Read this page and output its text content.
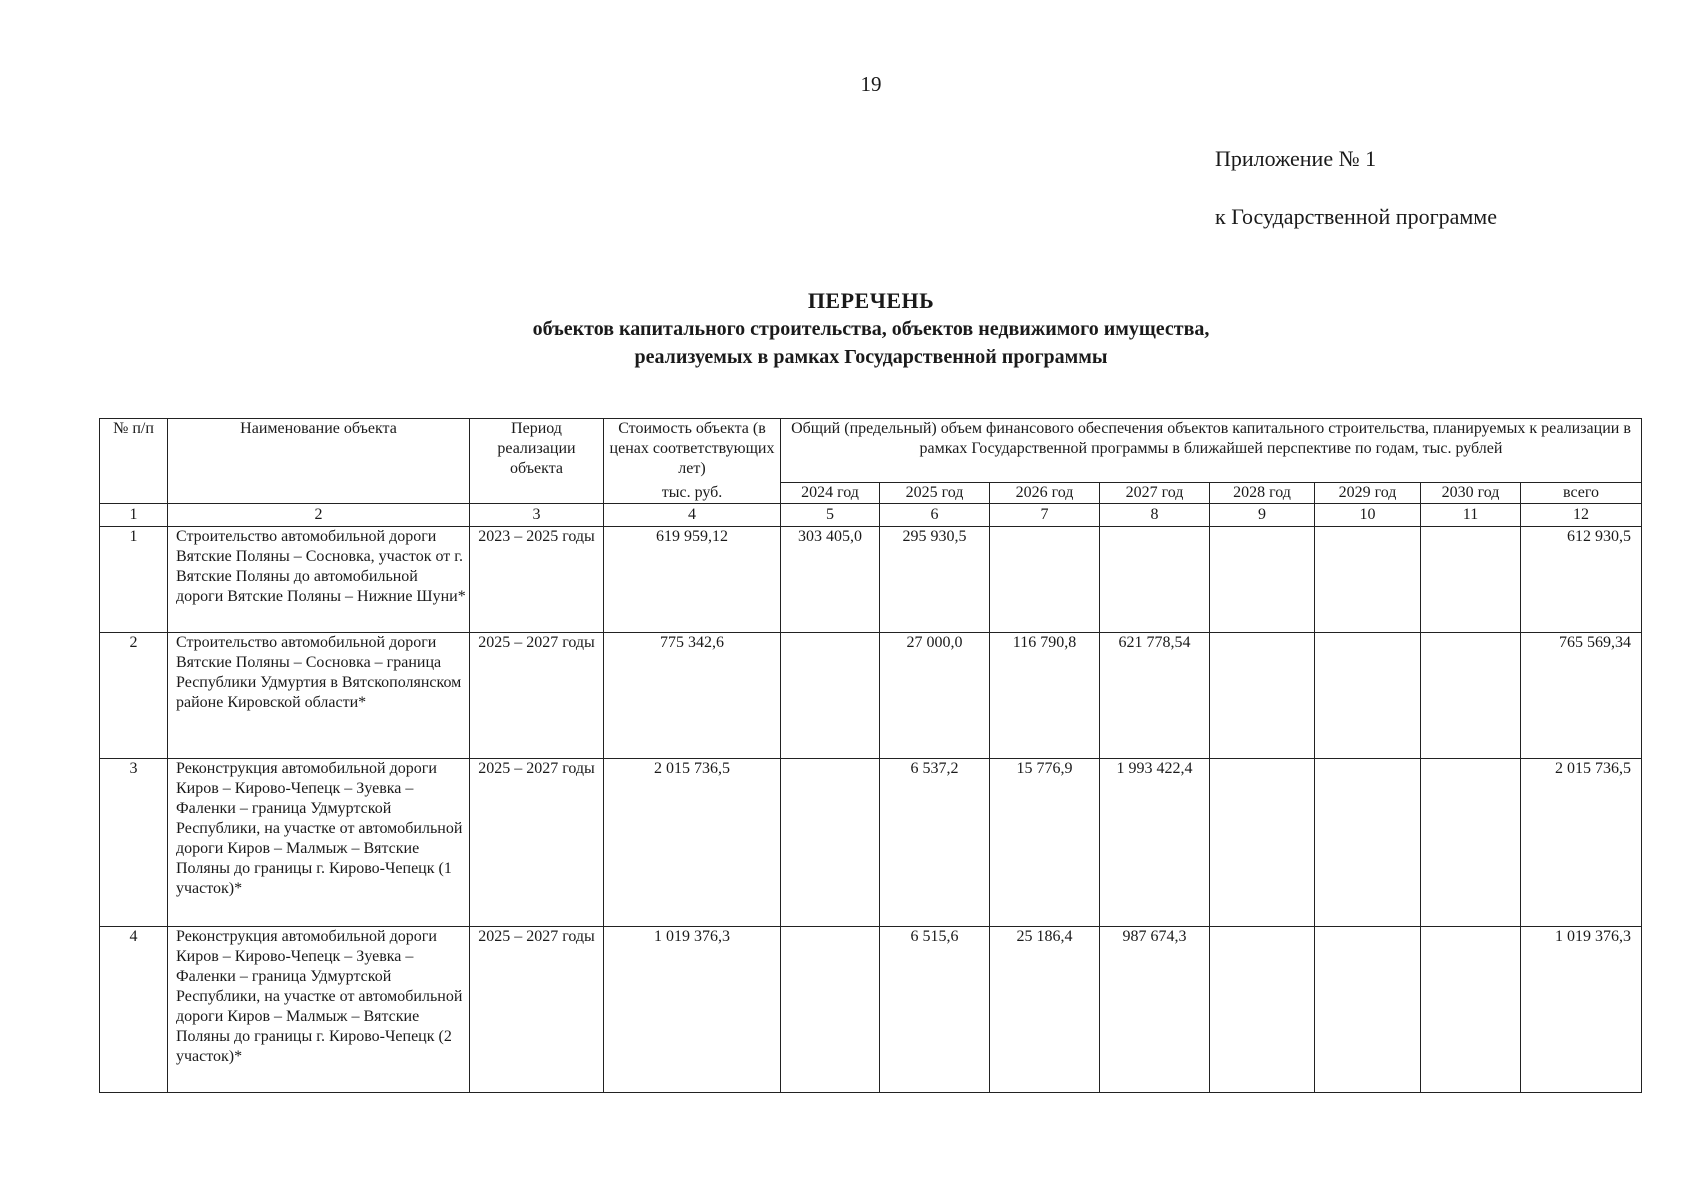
19
Приложение № 1
к Государственной программе
ПЕРЕЧЕНЬ
объектов капитального строительства, объектов недвижимого имущества,
реализуемых в рамках Государственной программы
№ п/п	Наименование объекта	Период реализации объекта	Стоимость объекта (в ценах соответствующих лет)	Общий (предельный) объем финансового обеспечения объектов капитального строительства, планируемых к реализации в рамках Государственной программы в ближайшей перспективе по годам, тыс. рублей							
			тыс. руб.	2024 год	2025 год	2026 год	2027 год	2028 год	2029 год	2030 год	всего
1	2	3	4	5	6	7	8	9	10	11	12
1	Строительство автомобильной дороги Вятские Поляны – Сосновка, участок от г. Вятские Поляны до автомобильной дороги Вятские Поляны – Нижние Шуни*	2023 – 2025 годы	619 959,12	303 405,0	295 930,5						612 930,5
2	Строительство автомобильной дороги Вятские Поляны – Сосновка – граница Республики Удмуртия в Вятскополянском районе Кировской области*	2025 – 2027 годы	775 342,6		27 000,0	116 790,8	621 778,54				765 569,34
3	Реконструкция автомобильной дороги Киров – Кирово-Чепецк – Зуевка – Фаленки – граница Удмуртской Республики, на участке от автомобильной дороги Киров – Малмыж – Вятские Поляны до границы г. Кирово-Чепецк (1 участок)*	2025 – 2027 годы	2 015 736,5		6 537,2	15 776,9	1 993 422,4				2 015 736,5
4	Реконструкция автомобильной дороги Киров – Кирово-Чепецк – Зуевка – Фаленки – граница Удмуртской Республики, на участке от автомобильной дороги Киров – Малмыж – Вятские Поляны до границы г. Кирово-Чепецк (2 участок)*	2025 – 2027 годы	1 019 376,3		6 515,6	25 186,4	987 674,3				1 019 376,3
